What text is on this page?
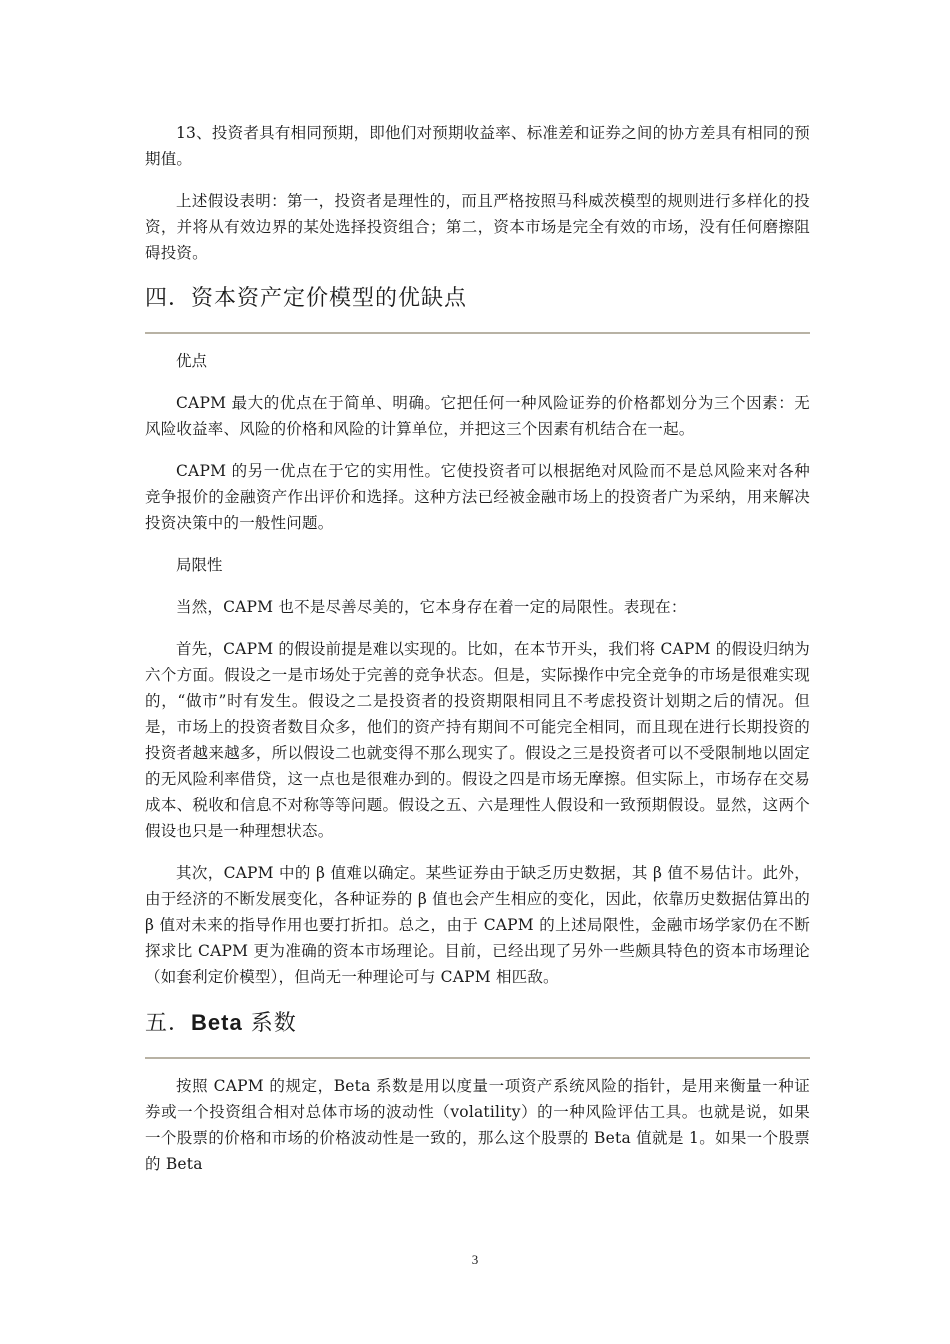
13、投资者具有相同预期，即他们对预期收益率、标准差和证券之间的协方差具有相同的预期值。

上述假设表明：第一，投资者是理性的，而且严格按照马科威茨模型的规则进行多样化的投资，并将从有效边界的某处选择投资组合；第二，资本市场是完全有效的市场，没有任何磨擦阻碍投资。

四．资本资产定价模型的优缺点
优点

CAPM 最大的优点在于简单、明确。它把任何一种风险证券的价格都划分为三个因素：无风险收益率、风险的价格和风险的计算单位，并把这三个因素有机结合在一起。

CAPM 的另一优点在于它的实用性。它使投资者可以根据绝对风险而不是总风险来对各种竞争报价的金融资产作出评价和选择。这种方法已经被金融市场上的投资者广为采纳，用来解决投资决策中的一般性问题。

局限性

当然，CAPM 也不是尽善尽美的，它本身存在着一定的局限性。表现在：

首先，CAPM 的假设前提是难以实现的。比如，在本节开头，我们将 CAPM 的假设归纳为六个方面。假设之一是市场处于完善的竞争状态。但是，实际操作中完全竞争的市场是很难实现的，“做市”时有发生。假设之二是投资者的投资期限相同且不考虑投资计划期之后的情况。但是，市场上的投资者数目众多，他们的资产持有期间不可能完全相同，而且现在进行长期投资的投资者越来越多，所以假设二也就变得不那么现实了。假设之三是投资者可以不受限制地以固定的无风险利率借贷，这一点也是很难办到的。假设之四是市场无摩擦。但实际上，市场存在交易成本、税收和信息不对称等等问题。假设之五、六是理性人假设和一致预期假设。显然，这两个假设也只是一种理想状态。

其次，CAPM 中的 β 值难以确定。某些证券由于缺乏历史数据，其 β 值不易估计。此外，由于经济的不断发展变化，各种证券的 β 值也会产生相应的变化，因此，依靠历史数据估算出的 β 值对未来的指导作用也要打折扣。总之，由于 CAPM 的上述局限性，金融市场学家仍在不断探求比 CAPM 更为准确的资本市场理论。目前，已经出现了另外一些颇具特色的资本市场理论（如套利定价模型），但尚无一种理论可与 CAPM 相匹敌。

五．Beta 系数

按照 CAPM 的规定，Beta 系数是用以度量一项资产系统风险的指针，是用来衡量一种证券或一个投资组合相对总体市场的波动性（volatility）的一种风险评估工具。也就是说，如果一个股票的价格和市场的价格波动性是一致的，那么这个股票的 Beta 值就是 1。如果一个股票的 Beta

3
